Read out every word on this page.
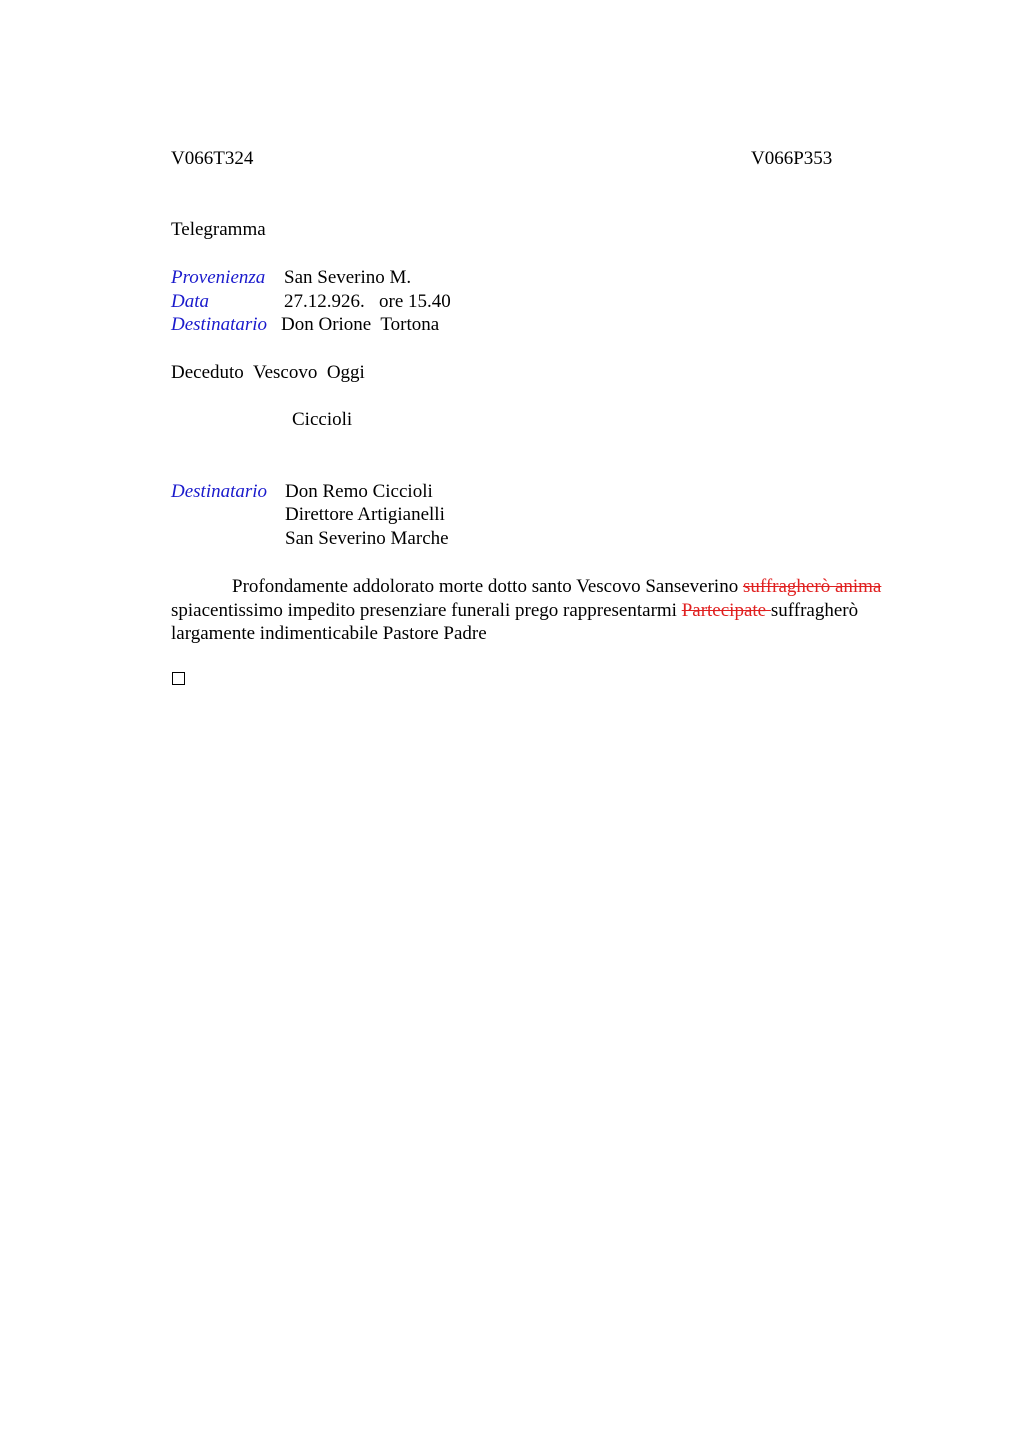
V066T324	V066P353
Telegramma
Provenienza San Severino M.
Data	27.12.926.   ore 15.40
Destinatario Don Orione  Tortona
Deceduto  Vescovo  Oggi
Ciccioli
Destinatario Don Remo Ciccioli
Direttore Artigianelli
San Severino Marche
Profondamente addolorato morte dotto santo Vescovo Sanseverino suffragherò anima spiacentissimo impedito presenziare funerali prego rappresentarmi Partecipate suffragherò largamente indimenticabile Pastore Padre
